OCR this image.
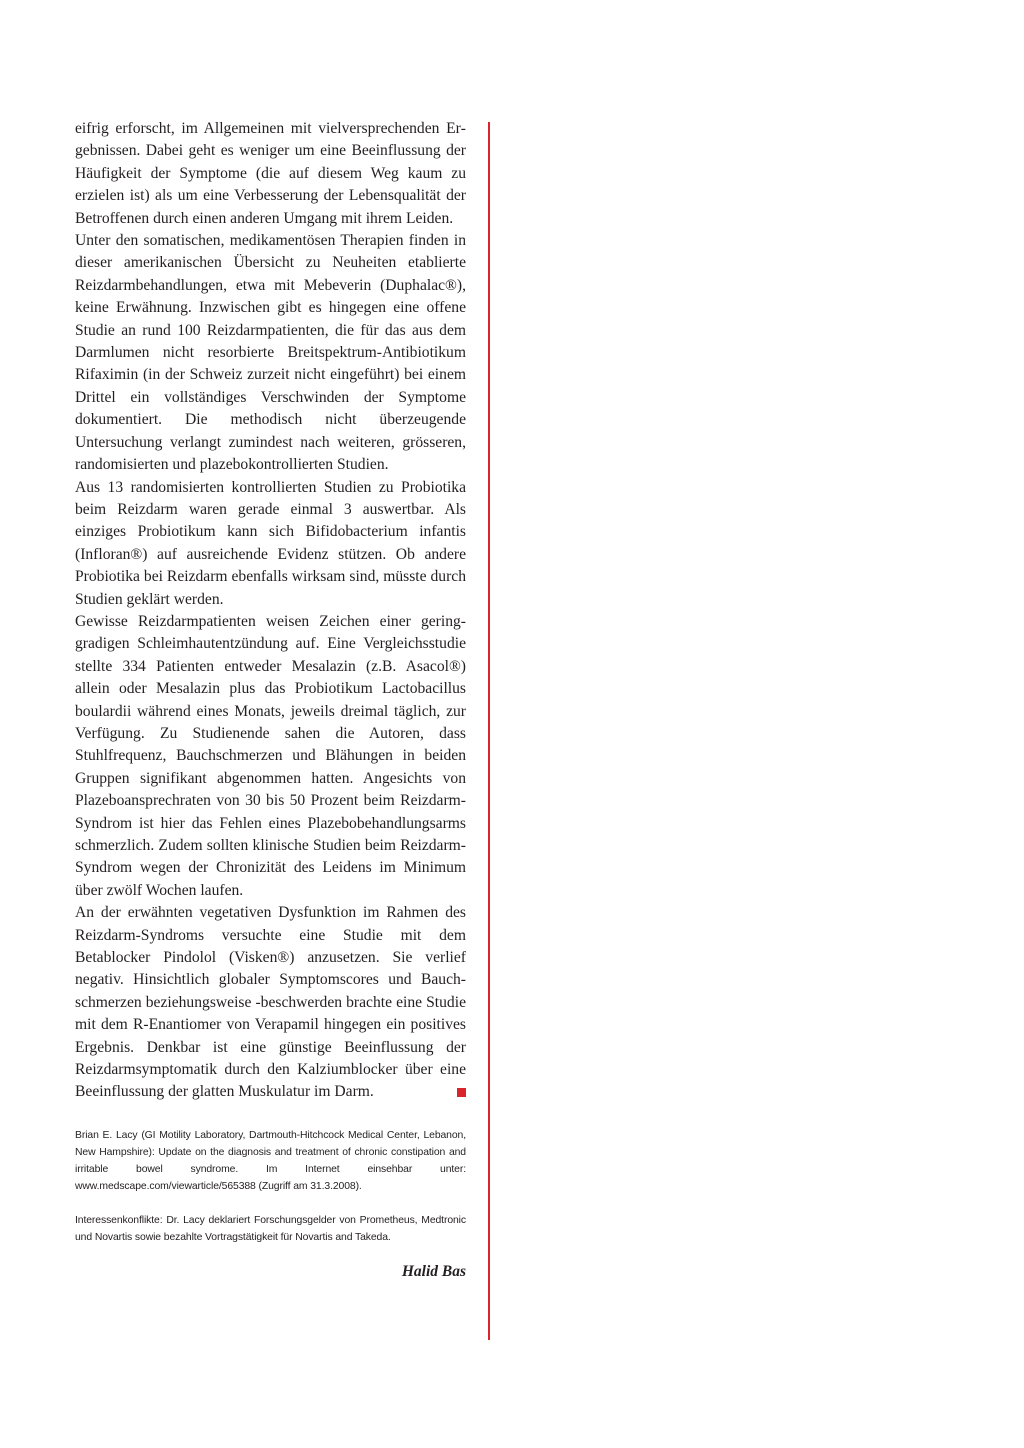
eifrig erforscht, im Allgemeinen mit vielversprechenden Ergebnissen. Dabei geht es weniger um eine Beeinflussung der Häufigkeit der Symptome (die auf diesem Weg kaum zu erzielen ist) als um eine Verbesserung der Lebensqualität der Betroffenen durch einen anderen Umgang mit ihrem Leiden.

Unter den somatischen, medikamentösen Therapien finden in dieser amerikanischen Übersicht zu Neuheiten etablierte Reizdarmbehandlungen, etwa mit Mebeverin (Duphalac®), keine Erwähnung. Inzwischen gibt es hingegen eine offene Studie an rund 100 Reizdarmpatienten, die für das aus dem Darmlumen nicht resorbierte Breitspektrum-Antibiotikum Rifaximin (in der Schweiz zurzeit nicht eingeführt) bei einem Drittel ein vollständiges Verschwinden der Symptome dokumentiert. Die methodisch nicht überzeugende Untersuchung verlangt zumindest nach weiteren, grösseren, randomisierten und plazebokontrollierten Studien.

Aus 13 randomisierten kontrollierten Studien zu Probiotika beim Reizdarm waren gerade einmal 3 auswertbar. Als einziges Probiotikum kann sich Bifidobacterium infantis (Infloran®) auf ausreichende Evidenz stützen. Ob andere Probiotika bei Reizdarm ebenfalls wirksam sind, müsste durch Studien geklärt werden.

Gewisse Reizdarmpatienten weisen Zeichen einer geringgradigen Schleimhautentzündung auf. Eine Vergleichsstudie stellte 334 Patienten entweder Mesalazin (z.B. Asacol®) allein oder Mesalazin plus das Probiotikum Lactobacillus boulardii während eines Monats, jeweils dreimal täglich, zur Verfügung. Zu Studienende sahen die Autoren, dass Stuhlfrequenz, Bauchschmerzen und Blähungen in beiden Gruppen signifikant abgenommen hatten. Angesichts von Plazeboansprechraten von 30 bis 50 Prozent beim Reizdarm-Syndrom ist hier das Fehlen eines Plazebobehandlungsarms schmerzlich. Zudem sollten klinische Studien beim Reizdarm-Syndrom wegen der Chronizität des Leidens im Minimum über zwölf Wochen laufen.

An der erwähnten vegetativen Dysfunktion im Rahmen des Reizdarm-Syndroms versuchte eine Studie mit dem Betablocker Pindolol (Visken®) anzusetzen. Sie verlief negativ. Hinsichtlich globaler Symptomscores und Bauchschmerzen beziehungsweise -beschwerden brachte eine Studie mit dem R-Enantiomer von Verapamil hingegen ein positives Ergebnis. Denkbar ist eine günstige Beeinflussung der Reizdarmsymptomatik durch den Kalziumblocker über eine Beeinflussung der glatten Muskulatur im Darm.

Brian E. Lacy (GI Motility Laboratory, Dartmouth-Hitchcock Medical Center, Lebanon, New Hampshire): Update on the diagnosis and treatment of chronic constipation and irritable bowel syndrome. Im Internet einsehbar unter: www.medscape.com/viewarticle/565388 (Zugriff am 31.3.2008).

Interessenkonflikte: Dr. Lacy deklariert Forschungsgelder von Prometheus, Medtronic und Novartis sowie bezahlte Vortragstätigkeit für Novartis and Takeda.

Halid Bas
